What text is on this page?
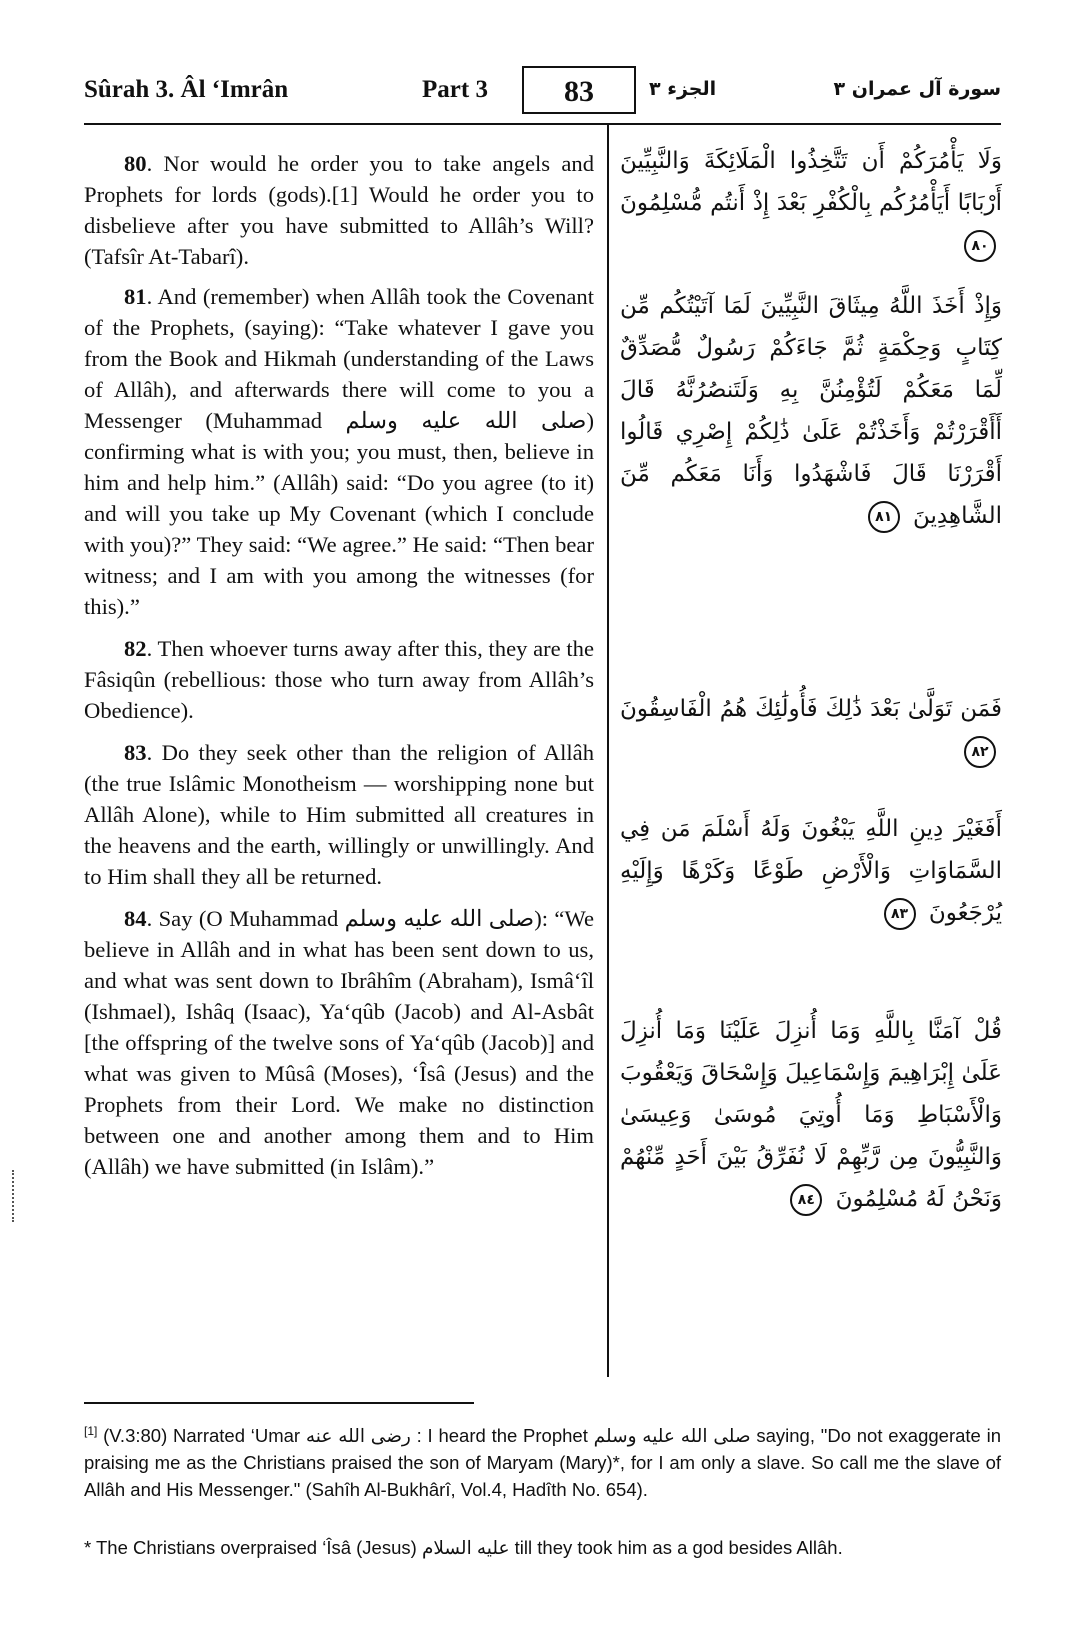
Sûrah 3. Âl ‘Imrân	Part 3	83	الجزء ٣	سورة آل عمران ٣

80. Nor would he order you to take angels and Prophets for lords (gods).[1] Would he order you to disbelieve after you have submitted to Allâh’s Will? (Tafsîr At-Tabarî).

81. And (remember) when Allâh took the Covenant of the Prophets, (saying): “Take whatever I gave you from the Book and Hikmah (understanding of the Laws of Allâh), and afterwards there will come to you a Messenger (Muhammad صلى الله عليه وسلم) confirming what is with you; you must, then, believe in him and help him.” (Allâh) said: “Do you agree (to it) and will you take up My Covenant (which I conclude with you)?” They said: “We agree.” He said: “Then bear witness; and I am with you among the witnesses (for this).”

82. Then whoever turns away after this, they are the Fâsiqûn (rebellious: those who turn away from Allâh’s Obedience).

83. Do they seek other than the religion of Allâh (the true Islâmic Monotheism — worshipping none but Allâh Alone), while to Him submitted all creatures in the heavens and the earth, willingly or unwillingly. And to Him shall they all be returned.

84. Say (O Muhammad صلى الله عليه وسلم): “We believe in Allâh and in what has been sent down to us, and what was sent down to Ibrâhîm (Abraham), Ismâ‘îl (Ishmael), Ishâq (Isaac), Ya‘qûb (Jacob) and Al-Asbât [the offspring of the twelve sons of Ya‘qûb (Jacob)] and what was given to Mûsâ (Moses), ‘Îsâ (Jesus) and the Prophets from their Lord. We make no distinction between one and another among them and to Him (Allâh) we have submitted (in Islâm).”

وَلَا يَأْمُرَكُمْ أَن تَتَّخِذُوا الْمَلَائِكَةَ وَالنَّبِيِّينَ أَرْبَابًا أَيَأْمُرُكُم بِالْكُفْرِ بَعْدَ إِذْ أَنتُم مُّسْلِمُونَ ٨٠
وَإِذْ أَخَذَ اللَّهُ مِيثَاقَ النَّبِيِّينَ لَمَا آتَيْتُكُم مِّن كِتَابٍ وَحِكْمَةٍ ثُمَّ جَاءَكُمْ رَسُولٌ مُّصَدِّقٌ لِّمَا مَعَكُمْ لَتُؤْمِنُنَّ بِهِ وَلَتَنصُرُنَّهُ قَالَ أَأَقْرَرْتُمْ وَأَخَذْتُمْ عَلَىٰ ذَٰلِكُمْ إِصْرِي قَالُوا أَقْرَرْنَا قَالَ فَاشْهَدُوا وَأَنَا مَعَكُم مِّنَ الشَّاهِدِينَ ٨١
فَمَن تَوَلَّىٰ بَعْدَ ذَٰلِكَ فَأُولَٰئِكَ هُمُ الْفَاسِقُونَ ٨٢
أَفَغَيْرَ دِينِ اللَّهِ يَبْغُونَ وَلَهُ أَسْلَمَ مَن فِي السَّمَاوَاتِ وَالْأَرْضِ طَوْعًا وَكَرْهًا وَإِلَيْهِ يُرْجَعُونَ ٨٣
قُلْ آمَنَّا بِاللَّهِ وَمَا أُنزِلَ عَلَيْنَا وَمَا أُنزِلَ عَلَىٰ إِبْرَاهِيمَ وَإِسْمَاعِيلَ وَإِسْحَاقَ وَيَعْقُوبَ وَالْأَسْبَاطِ وَمَا أُوتِيَ مُوسَىٰ وَعِيسَىٰ وَالنَّبِيُّونَ مِن رَّبِّهِمْ لَا نُفَرِّقُ بَيْنَ أَحَدٍ مِّنْهُمْ وَنَحْنُ لَهُ مُسْلِمُونَ ٨٤

[1] (V.3:80) Narrated ‘Umar رضى الله عنه : I heard the Prophet صلى الله عليه وسلم saying, "Do not exaggerate in praising me as the Christians praised the son of Maryam (Mary)*, for I am only a slave. So call me the slave of Allâh and His Messenger." (Sahîh Al-Bukhârî, Vol.4, Hadîth No. 654).

* The Christians overpraised ‘Îsâ (Jesus) عليه السلام till they took him as a god besides Allâh.
